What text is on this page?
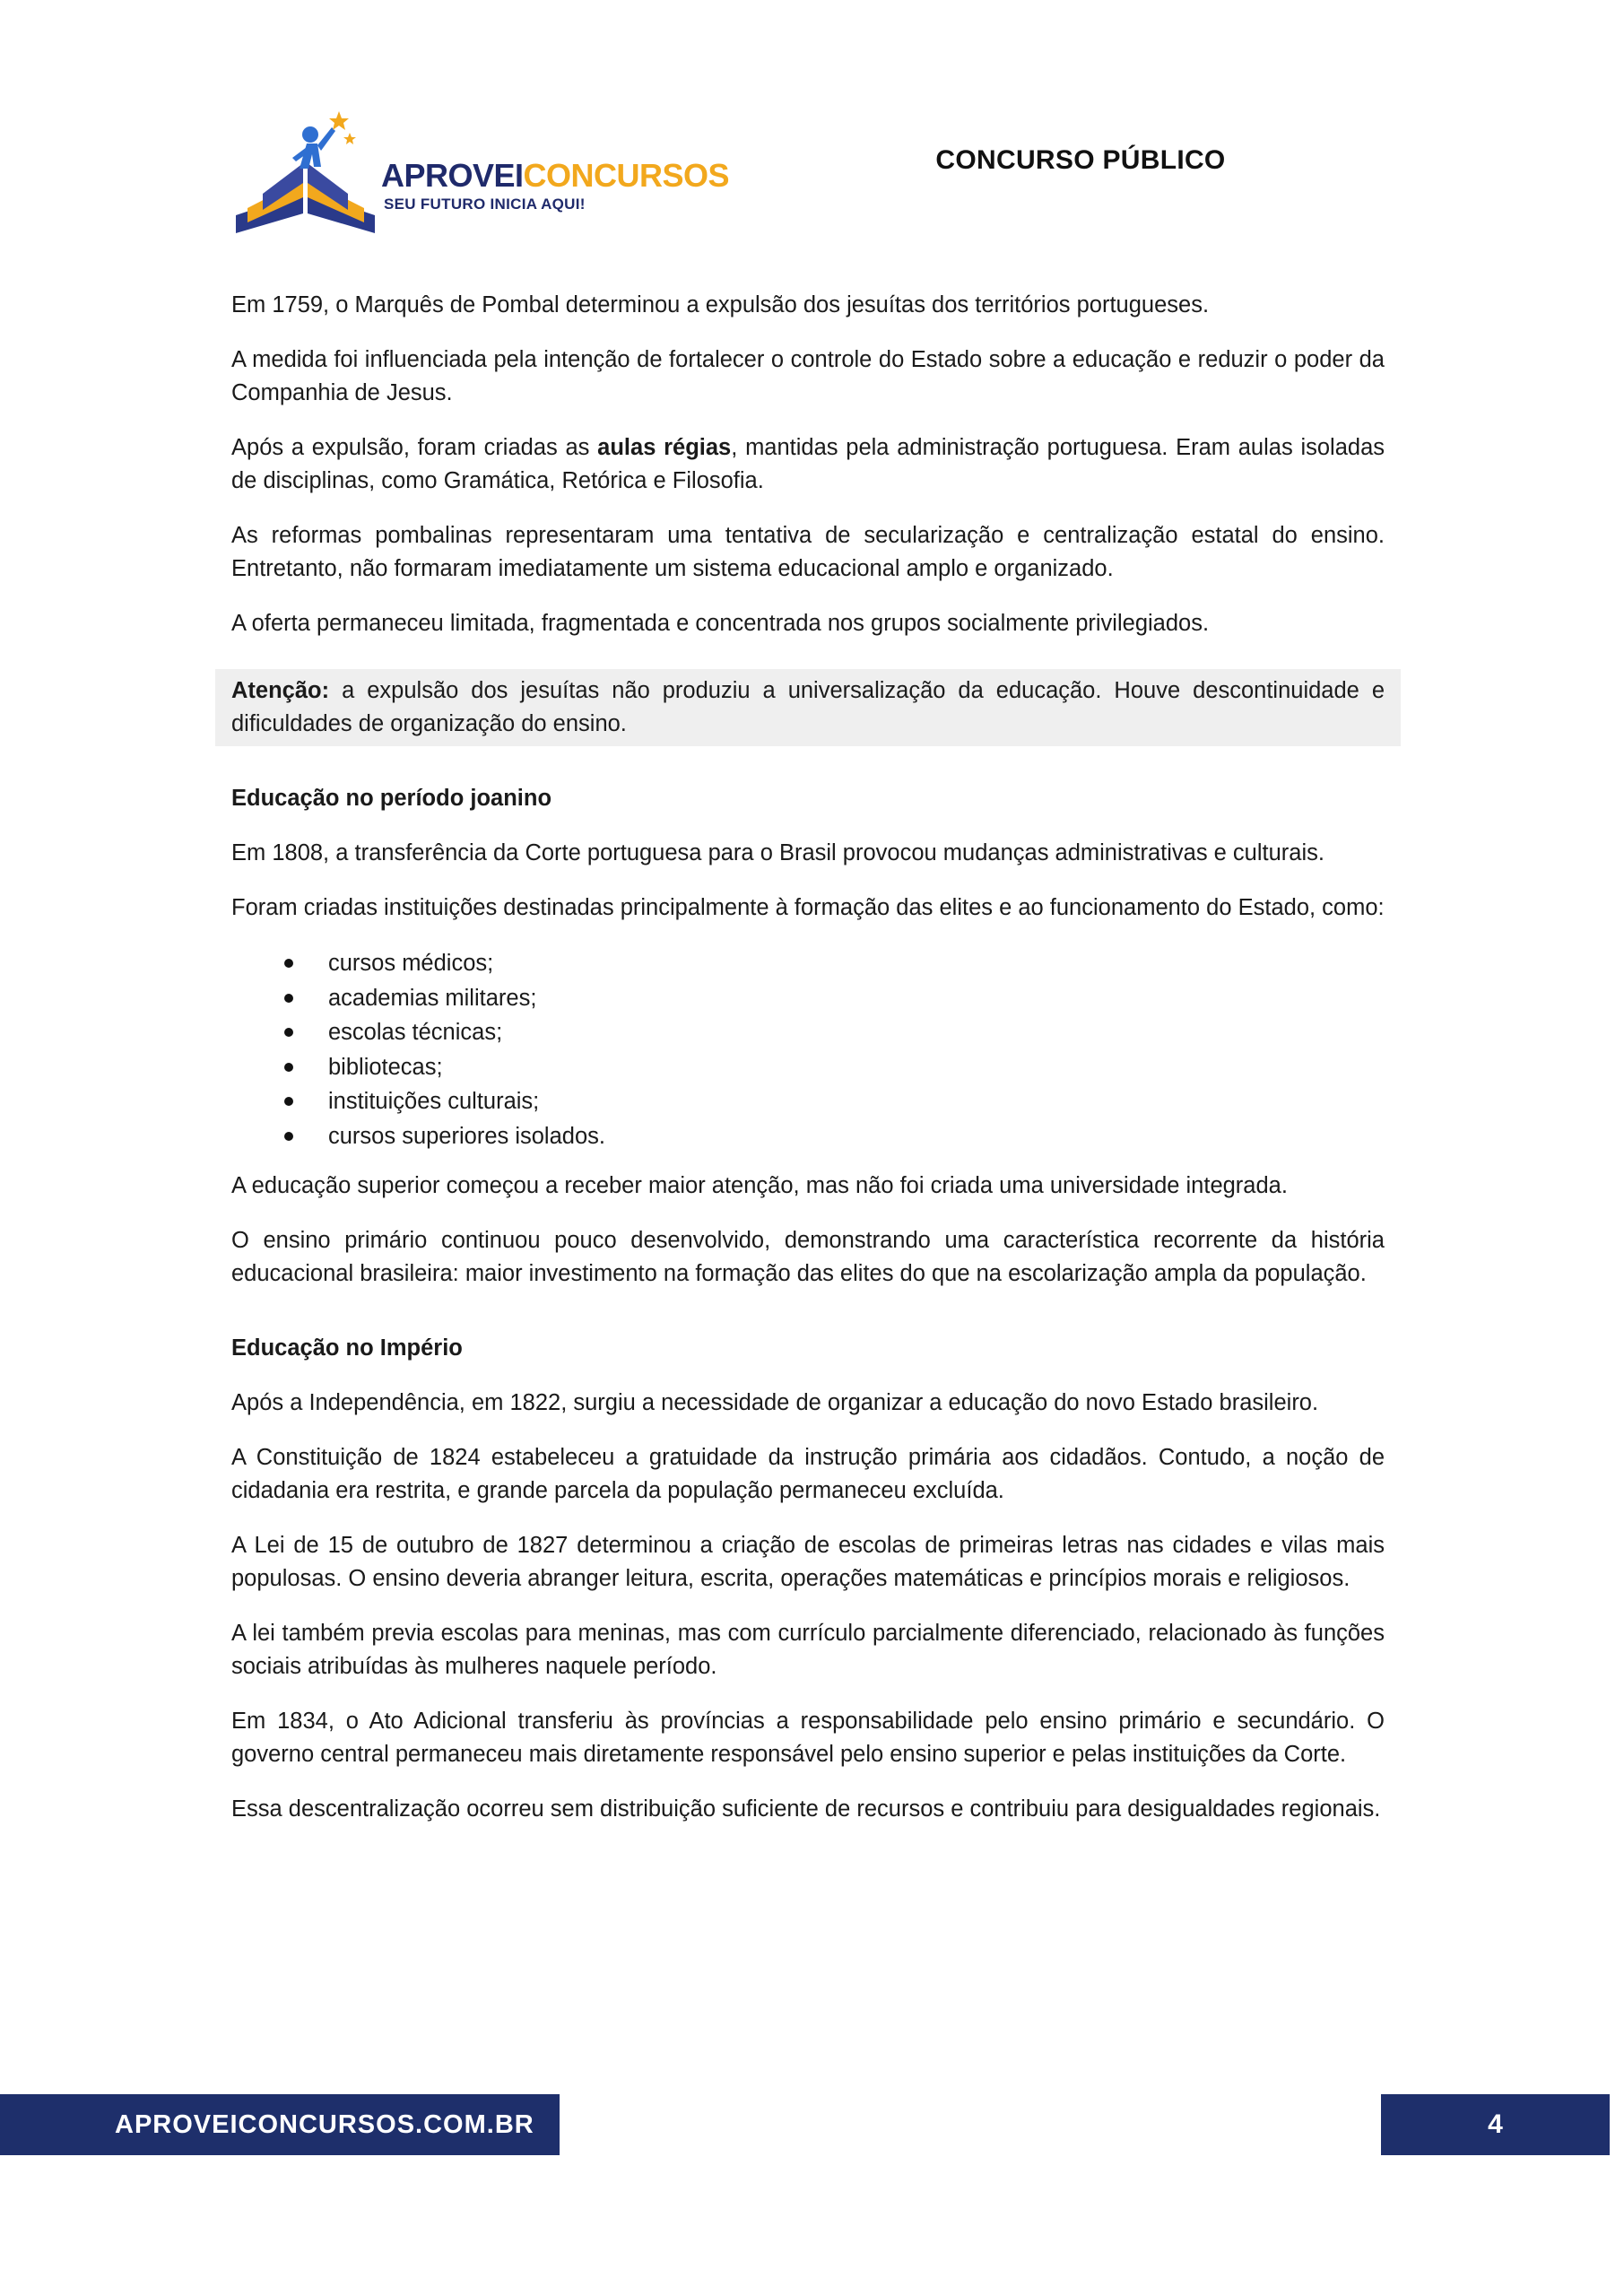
APROVEICONCURSOS
SEU FUTURO INICIA AQUI!
CONCURSO PÚBLICO

Em 1759, o Marquês de Pombal determinou a expulsão dos jesuítas dos territórios portugueses.

A medida foi influenciada pela intenção de fortalecer o controle do Estado sobre a educação e reduzir o poder da Companhia de Jesus.

Após a expulsão, foram criadas as aulas régias, mantidas pela administração portuguesa. Eram aulas isoladas de disciplinas, como Gramática, Retórica e Filosofia.

As reformas pombalinas representaram uma tentativa de secularização e centralização estatal do ensino. Entretanto, não formaram imediatamente um sistema educacional amplo e organizado.

A oferta permaneceu limitada, fragmentada e concentrada nos grupos socialmente privilegiados.

Atenção: a expulsão dos jesuítas não produziu a universalização da educação. Houve descontinuidade e dificuldades de organização do ensino.

Educação no período joanino

Em 1808, a transferência da Corte portuguesa para o Brasil provocou mudanças administrativas e culturais.

Foram criadas instituições destinadas principalmente à formação das elites e ao funcionamento do Estado, como:

cursos médicos;
academias militares;
escolas técnicas;
bibliotecas;
instituições culturais;
cursos superiores isolados.

A educação superior começou a receber maior atenção, mas não foi criada uma universidade integrada.

O ensino primário continuou pouco desenvolvido, demonstrando uma característica recorrente da história educacional brasileira: maior investimento na formação das elites do que na escolarização ampla da população.

Educação no Império

Após a Independência, em 1822, surgiu a necessidade de organizar a educação do novo Estado brasileiro.

A Constituição de 1824 estabeleceu a gratuidade da instrução primária aos cidadãos. Contudo, a noção de cidadania era restrita, e grande parcela da população permaneceu excluída.

A Lei de 15 de outubro de 1827 determinou a criação de escolas de primeiras letras nas cidades e vilas mais populosas. O ensino deveria abranger leitura, escrita, operações matemáticas e princípios morais e religiosos.

A lei também previa escolas para meninas, mas com currículo parcialmente diferenciado, relacionado às funções sociais atribuídas às mulheres naquele período.

Em 1834, o Ato Adicional transferiu às províncias a responsabilidade pelo ensino primário e secundário. O governo central permaneceu mais diretamente responsável pelo ensino superior e pelas instituições da Corte.

Essa descentralização ocorreu sem distribuição suficiente de recursos e contribuiu para desigualdades regionais.

APROVEICONCURSOS.COM.BR	4
